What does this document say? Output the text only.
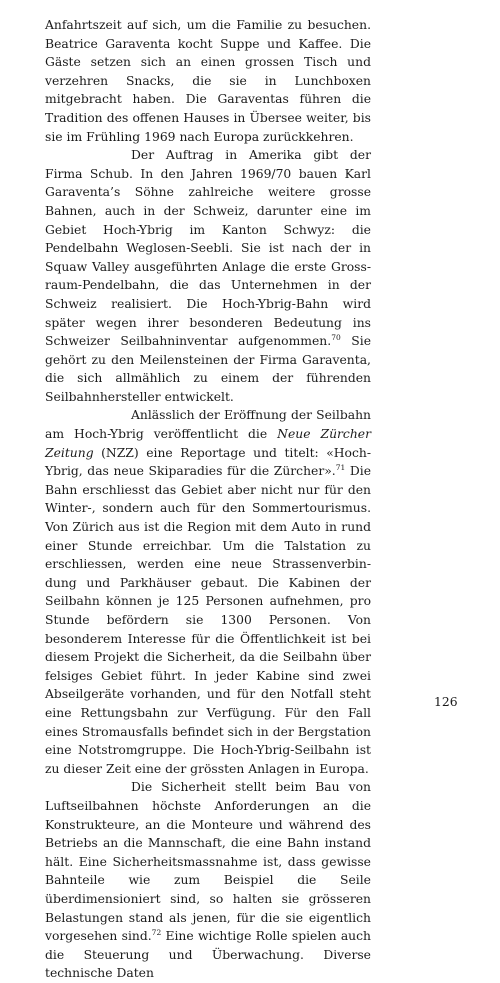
Anfahrtszeit auf sich, um die Familie zu besuchen. Beatrice Garaventa kocht Suppe und Kaffee. Die Gäste setzen sich an einen grossen Tisch und verzehren Snacks, die sie in Lunchboxen mitgebracht haben. Die Garaventas führen die Tradition des offenen Hauses in Übersee weiter, bis sie im Frühling 1969 nach Europa zurückkehren.

Der Auftrag in Amerika gibt der Firma Schub. In den Jahren 1969/70 bauen Karl Garaventa’s Söhne zahlreiche weitere grosse Bahnen, auch in der Schweiz, darunter eine im Gebiet Hoch-Ybrig im Kanton Schwyz: die Pendelbahn Weglosen-Seebli. Sie ist nach der in Squaw Valley ausgeführten Anlage die erste Grossraum-Pendelbahn, die das Unternehmen in der Schweiz realisiert. Die Hoch-Ybrig-Bahn wird später wegen ihrer besonderen Bedeutung ins Schweizer Seilbahninventar aufgenommen.$^{70}$ Sie gehört zu den Meilensteinen der Firma Garaventa, die sich allmählich zu einem der führenden Seilbahnhersteller entwickelt.

Anlässlich der Eröffnung der Seilbahn am Hoch-Ybrig veröffentlicht die Neue Zürcher Zeitung (NZZ) eine Reportage und titelt: «Hoch-Ybrig, das neue Skiparadies für die Zürcher».$^{71}$ Die Bahn erschliesst das Gebiet aber nicht nur für den Winter-, sondern auch für den Sommertourismus. Von Zürich aus ist die Region mit dem Auto in rund einer Stunde erreichbar. Um die Talstation zu erschliessen, werden eine neue Strassenverbindung und Parkhäuser gebaut. Die Kabinen der Seilbahn können je 125 Personen aufnehmen, pro Stunde befördern sie 1300 Personen. Von besonderem Interesse für die Öffentlichkeit ist bei diesem Projekt die Sicherheit, da die Seilbahn über felsiges Gebiet führt. In jeder Kabine sind zwei Abseilgeräte vorhanden, und für den Notfall steht eine Rettungsbahn zur Verfügung. Für den Fall eines Stromausfalls befindet sich in der Bergstation eine Notstromgruppe. Die Hoch-Ybrig-Seilbahn ist zu dieser Zeit eine der grössten Anlagen in Europa.

Die Sicherheit stellt beim Bau von Luftseilbahnen höchste Anforderungen an die Konstrukteure, an die Monteure und während des Betriebs an die Mannschaft, die eine Bahn instand hält. Eine Sicherheitsmassnahme ist, dass gewisse Bahnteile wie zum Beispiel die Seile überdimensioniert sind, so halten sie grösseren Belastungen stand als jenen, für die sie eigentlich vorgesehen sind.$^{72}$ Eine wichtige Rolle spielen auch die Steuerung und Überwachung. Diverse technische Daten

126
